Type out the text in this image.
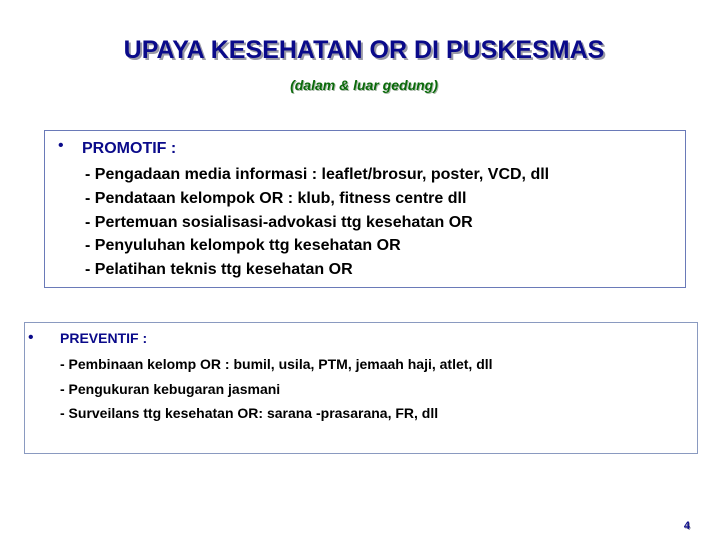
UPAYA KESEHATAN OR DI PUSKESMAS
(dalam & luar gedung)
• PROMOTIF :
- Pengadaan media informasi : leaflet/brosur, poster, VCD, dll
- Pendataan kelompok OR : klub, fitness centre dll
- Pertemuan sosialisasi-advokasi ttg kesehatan OR
- Penyuluhan kelompok ttg kesehatan OR
- Pelatihan teknis ttg kesehatan OR
• PREVENTIF :
- Pembinaan kelomp OR : bumil, usila, PTM, jemaah haji, atlet, dll
- Pengukuran kebugaran jasmani
- Surveilans ttg kesehatan OR: sarana -prasarana, FR, dll
4
